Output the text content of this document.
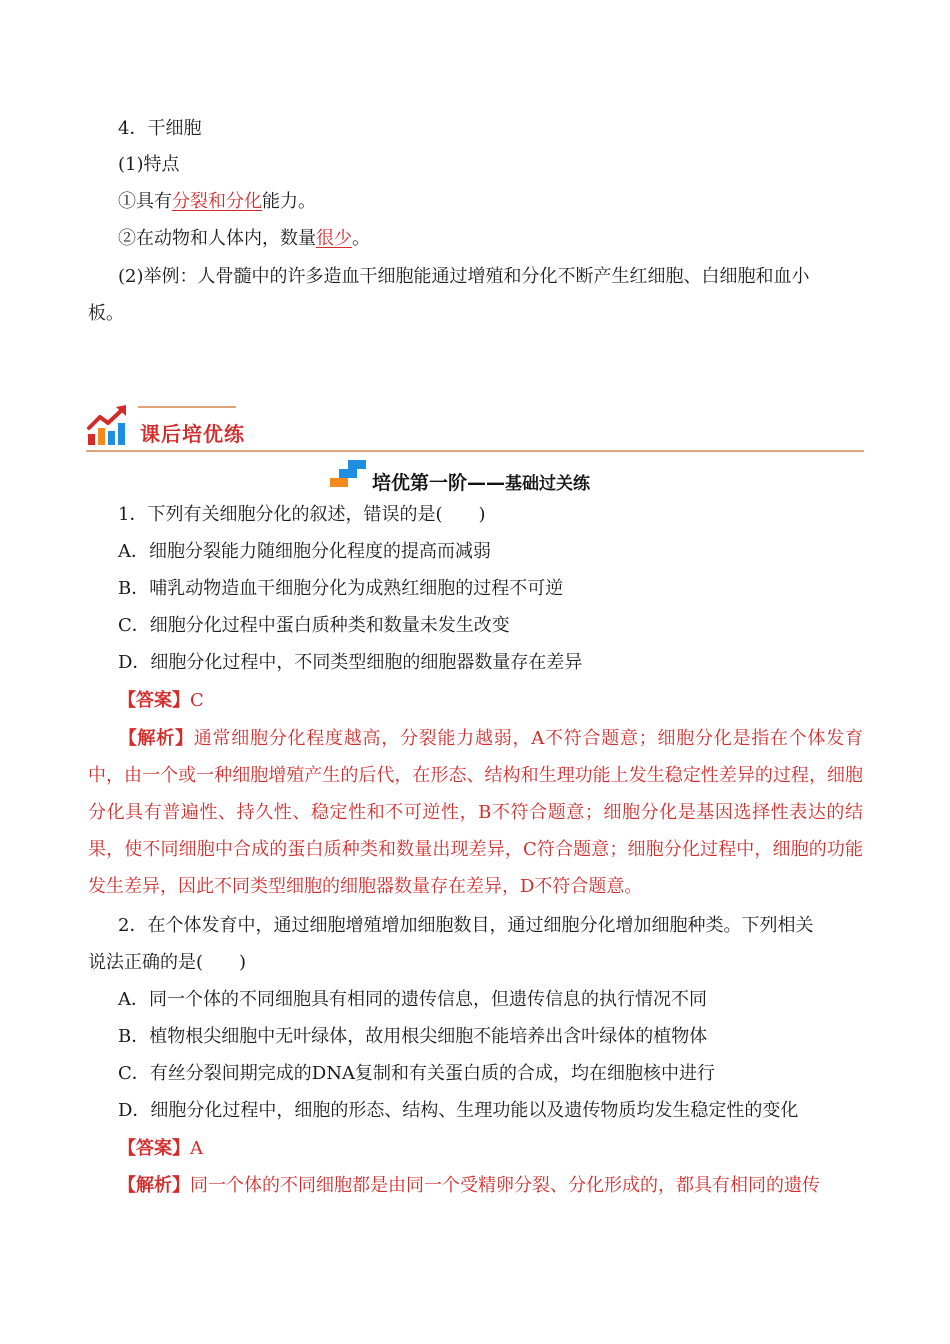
4．干细胞
(1)特点
①具有分裂和分化能力。
②在动物和人体内，数量很少。
(2)举例：人骨髓中的许多造血干细胞能通过增殖和分化不断产生红细胞、白细胞和血小
板。
课后培优练
培优第一阶——基础过关练
1．下列有关细胞分化的叙述，错误的是(　　)
A．细胞分裂能力随细胞分化程度的提高而减弱
B．哺乳动物造血干细胞分化为成熟红细胞的过程不可逆
C．细胞分化过程中蛋白质种类和数量未发生改变
D．细胞分化过程中，不同类型细胞的细胞器数量存在差异
【答案】C
【解析】通常细胞分化程度越高，分裂能力越弱，A不符合题意；细胞分化是指在个体发育中，由一个或一种细胞增殖产生的后代，在形态、结构和生理功能上发生稳定性差异的过程，细胞分化具有普遍性、持久性、稳定性和不可逆性，B不符合题意；细胞分化是基因选择性表达的结果，使不同细胞中合成的蛋白质种类和数量出现差异，C符合题意；细胞分化过程中，细胞的功能发生差异，因此不同类型细胞的细胞器数量存在差异，D不符合题意。
2．在个体发育中，通过细胞增殖增加细胞数目，通过细胞分化增加细胞种类。下列相关
说法正确的是(　　)
A．同一个体的不同细胞具有相同的遗传信息，但遗传信息的执行情况不同
B．植物根尖细胞中无叶绿体，故用根尖细胞不能培养出含叶绿体的植物体
C．有丝分裂间期完成的DNA复制和有关蛋白质的合成，均在细胞核中进行
D．细胞分化过程中，细胞的形态、结构、生理功能以及遗传物质均发生稳定性的变化
【答案】A
【解析】同一个体的不同细胞都是由同一个受精卵分裂、分化形成的，都具有相同的遗传
